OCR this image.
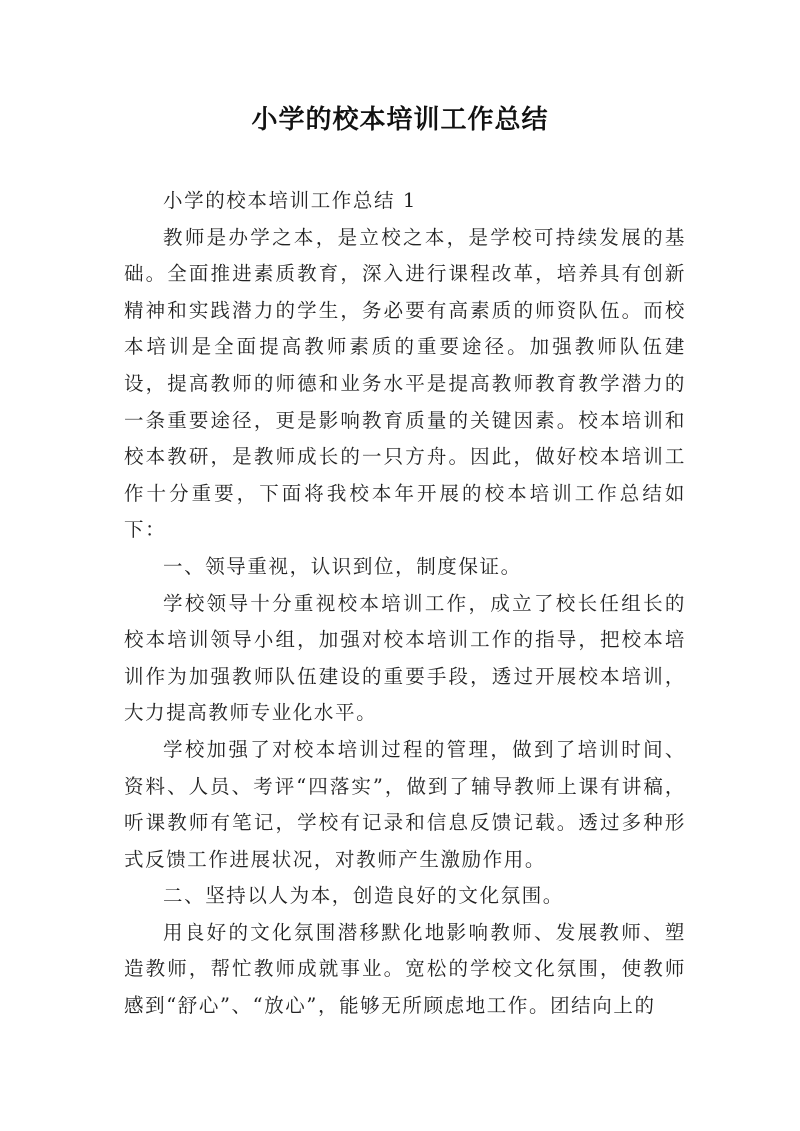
小学的校本培训工作总结

小学的校本培训工作总结 1

教师是办学之本，是立校之本，是学校可持续发展的基础。全面推进素质教育，深入进行课程改革，培养具有创新精神和实践潜力的学生，务必要有高素质的师资队伍。而校本培训是全面提高教师素质的重要途径。加强教师队伍建设，提高教师的师德和业务水平是提高教师教育教学潜力的一条重要途径，更是影响教育质量的关键因素。校本培训和校本教研，是教师成长的一只方舟。因此，做好校本培训工作十分重要，下面将我校本年开展的校本培训工作总结如下：

一、领导重视，认识到位，制度保证。

学校领导十分重视校本培训工作，成立了校长任组长的校本培训领导小组，加强对校本培训工作的指导，把校本培训作为加强教师队伍建设的重要手段，透过开展校本培训，大力提高教师专业化水平。

学校加强了对校本培训过程的管理，做到了培训时间、资料、人员、考评“四落实”，做到了辅导教师上课有讲稿，听课教师有笔记，学校有记录和信息反馈记载。透过多种形式反馈工作进展状况，对教师产生激励作用。

二、坚持以人为本，创造良好的文化氛围。

用良好的文化氛围潜移默化地影响教师、发展教师、塑造教师，帮忙教师成就事业。宽松的学校文化氛围，使教师感到“舒心”、“放心”，能够无所顾虑地工作。团结向上的
